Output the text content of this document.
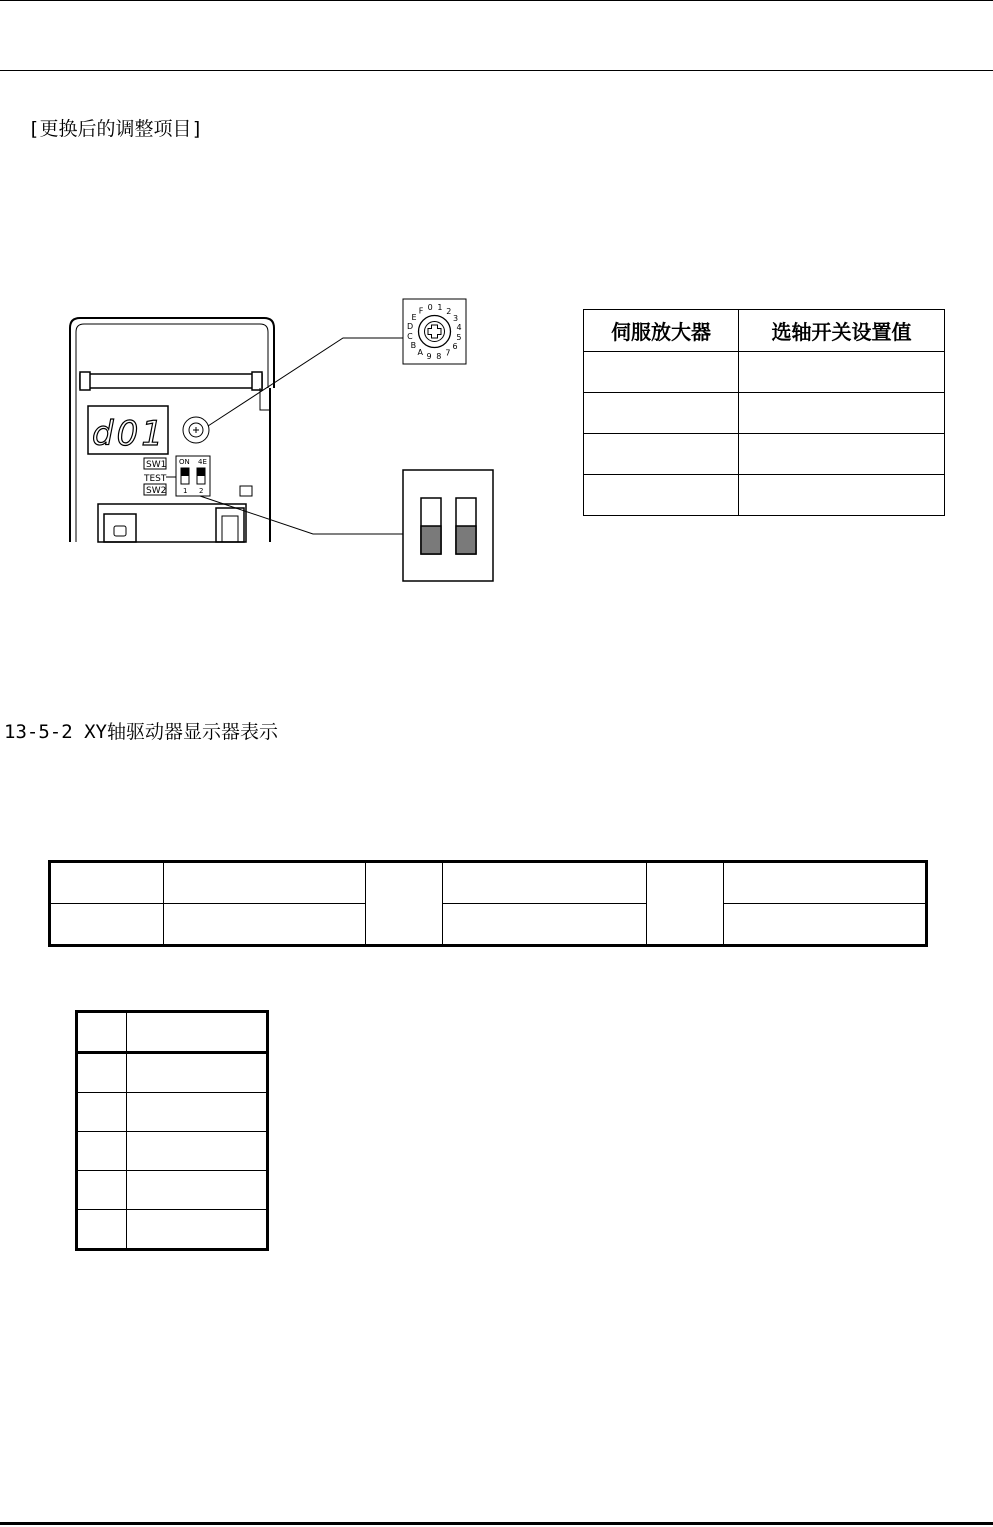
[更换后的调整项目]
13-5-2 XY轴驱动器显示器表示
d01
SW1
TEST
SW2
ON 4E
1 2
0 1 2
3
4
5
6
7
8
9
A
B
C
D
E
F
伺服放大器	选轴开关设置值
